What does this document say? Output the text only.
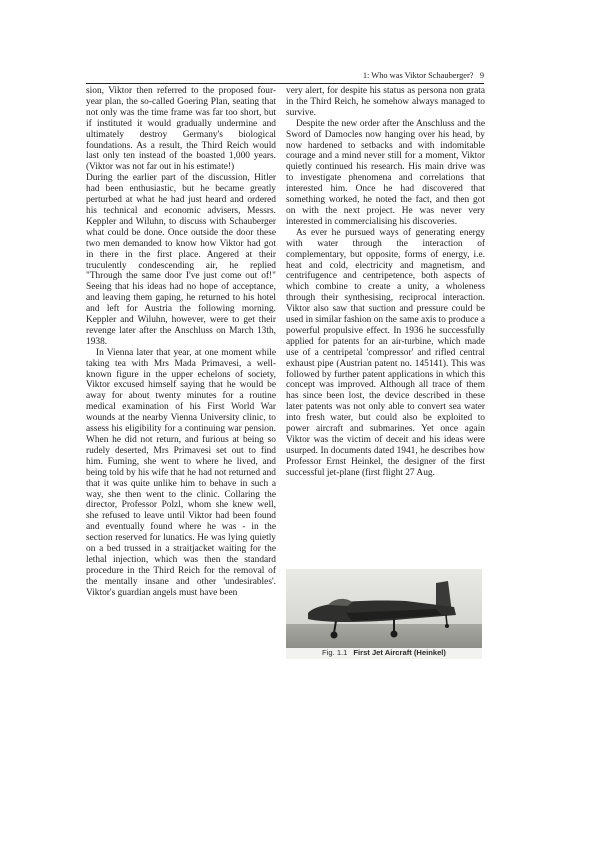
1: Who was Viktor Schauberger? 9

sion, Viktor then referred to the proposed four-year plan, the so-called Goering Plan, seating that not only was the time frame was far too short, but if instituted it would gradually undermine and ultimately destroy Germany's biological foundations. As a result, the Third Reich would last only ten instead of the boasted 1,000 years. (Viktor was not far out in his estimate!)

During the earlier part of the discussion, Hitler had been enthusiastic, but he became greatly perturbed at what he had just heard and ordered his technical and economic advisers, Messrs. Keppler and Wiluhn, to discuss with Schauberger what could be done. Once outside the door these two men demanded to know how Viktor had got in there in the first place. Angered at their truculently condescending air, he replied "Through the same door I've just come out of!" Seeing that his ideas had no hope of acceptance, and leaving them gaping, he returned to his hotel and left for Austria the following morning. Keppler and Wiluhn, however, were to get their revenge later after the Anschluss on March 13th, 1938.

In Vienna later that year, at one moment while taking tea with Mrs Mada Primavesi, a well-known figure in the upper echelons of society, Viktor excused himself saying that he would be away for about twenty minutes for a routine medical examination of his First World War wounds at the nearby Vienna University clinic, to assess his eligibility for a continuing war pension. When he did not return, and furious at being so rudely deserted, Mrs Primavesi set out to find him. Fuming, she went to where he lived, and being told by his wife that he had not returned and that it was quite unlike him to behave in such a way, she then went to the clinic. Collaring the director, Professor Polzl, whom she knew well, she refused to leave until Viktor had been found and eventually found where he was - in the section reserved for lunatics. He was lying quietly on a bed trussed in a straitjacket waiting for the lethal injection, which was then the standard procedure in the Third Reich for the removal of the mentally insane and other 'undesirables'. Viktor's guardian angels must have been

very alert, for despite his status as persona non grata in the Third Reich, he somehow always managed to survive.

Despite the new order after the Anschluss and the Sword of Damocles now hanging over his head, by now hardened to setbacks and with indomitable courage and a mind never still for a moment, Viktor quietly continued his research. His main drive was to investigate phenomena and correlations that interested him. Once he had discovered that something worked, he noted the fact, and then got on with the next project. He was never very interested in commercialising his discoveries.

As ever he pursued ways of generating energy with water through the interaction of complementary, but opposite, forms of energy, i.e. heat and cold, electricity and magnetism, and centrifugence and centripetence, both aspects of which combine to create a unity, a wholeness through their synthesising, reciprocal interaction. Viktor also saw that suction and pressure could be used in similar fashion on the same axis to produce a powerful propulsive effect. In 1936 he successfully applied for patents for an air-turbine, which made use of a centripetal 'compressor' and rifled central exhaust pipe (Austrian patent no. 145141). This was followed by further patent applications in which this concept was improved. Although all trace of them has since been lost, the device described in these later patents was not only able to convert sea water into fresh water, but could also be exploited to power aircraft and submarines. Yet once again Viktor was the victim of deceit and his ideas were usurped. In documents dated 1941, he describes how Professor Ernst Heinkel, the designer of the first successful jet-plane (first flight 27 Aug.

Fig. 1.1 First Jet Aircraft (Heinkel)
